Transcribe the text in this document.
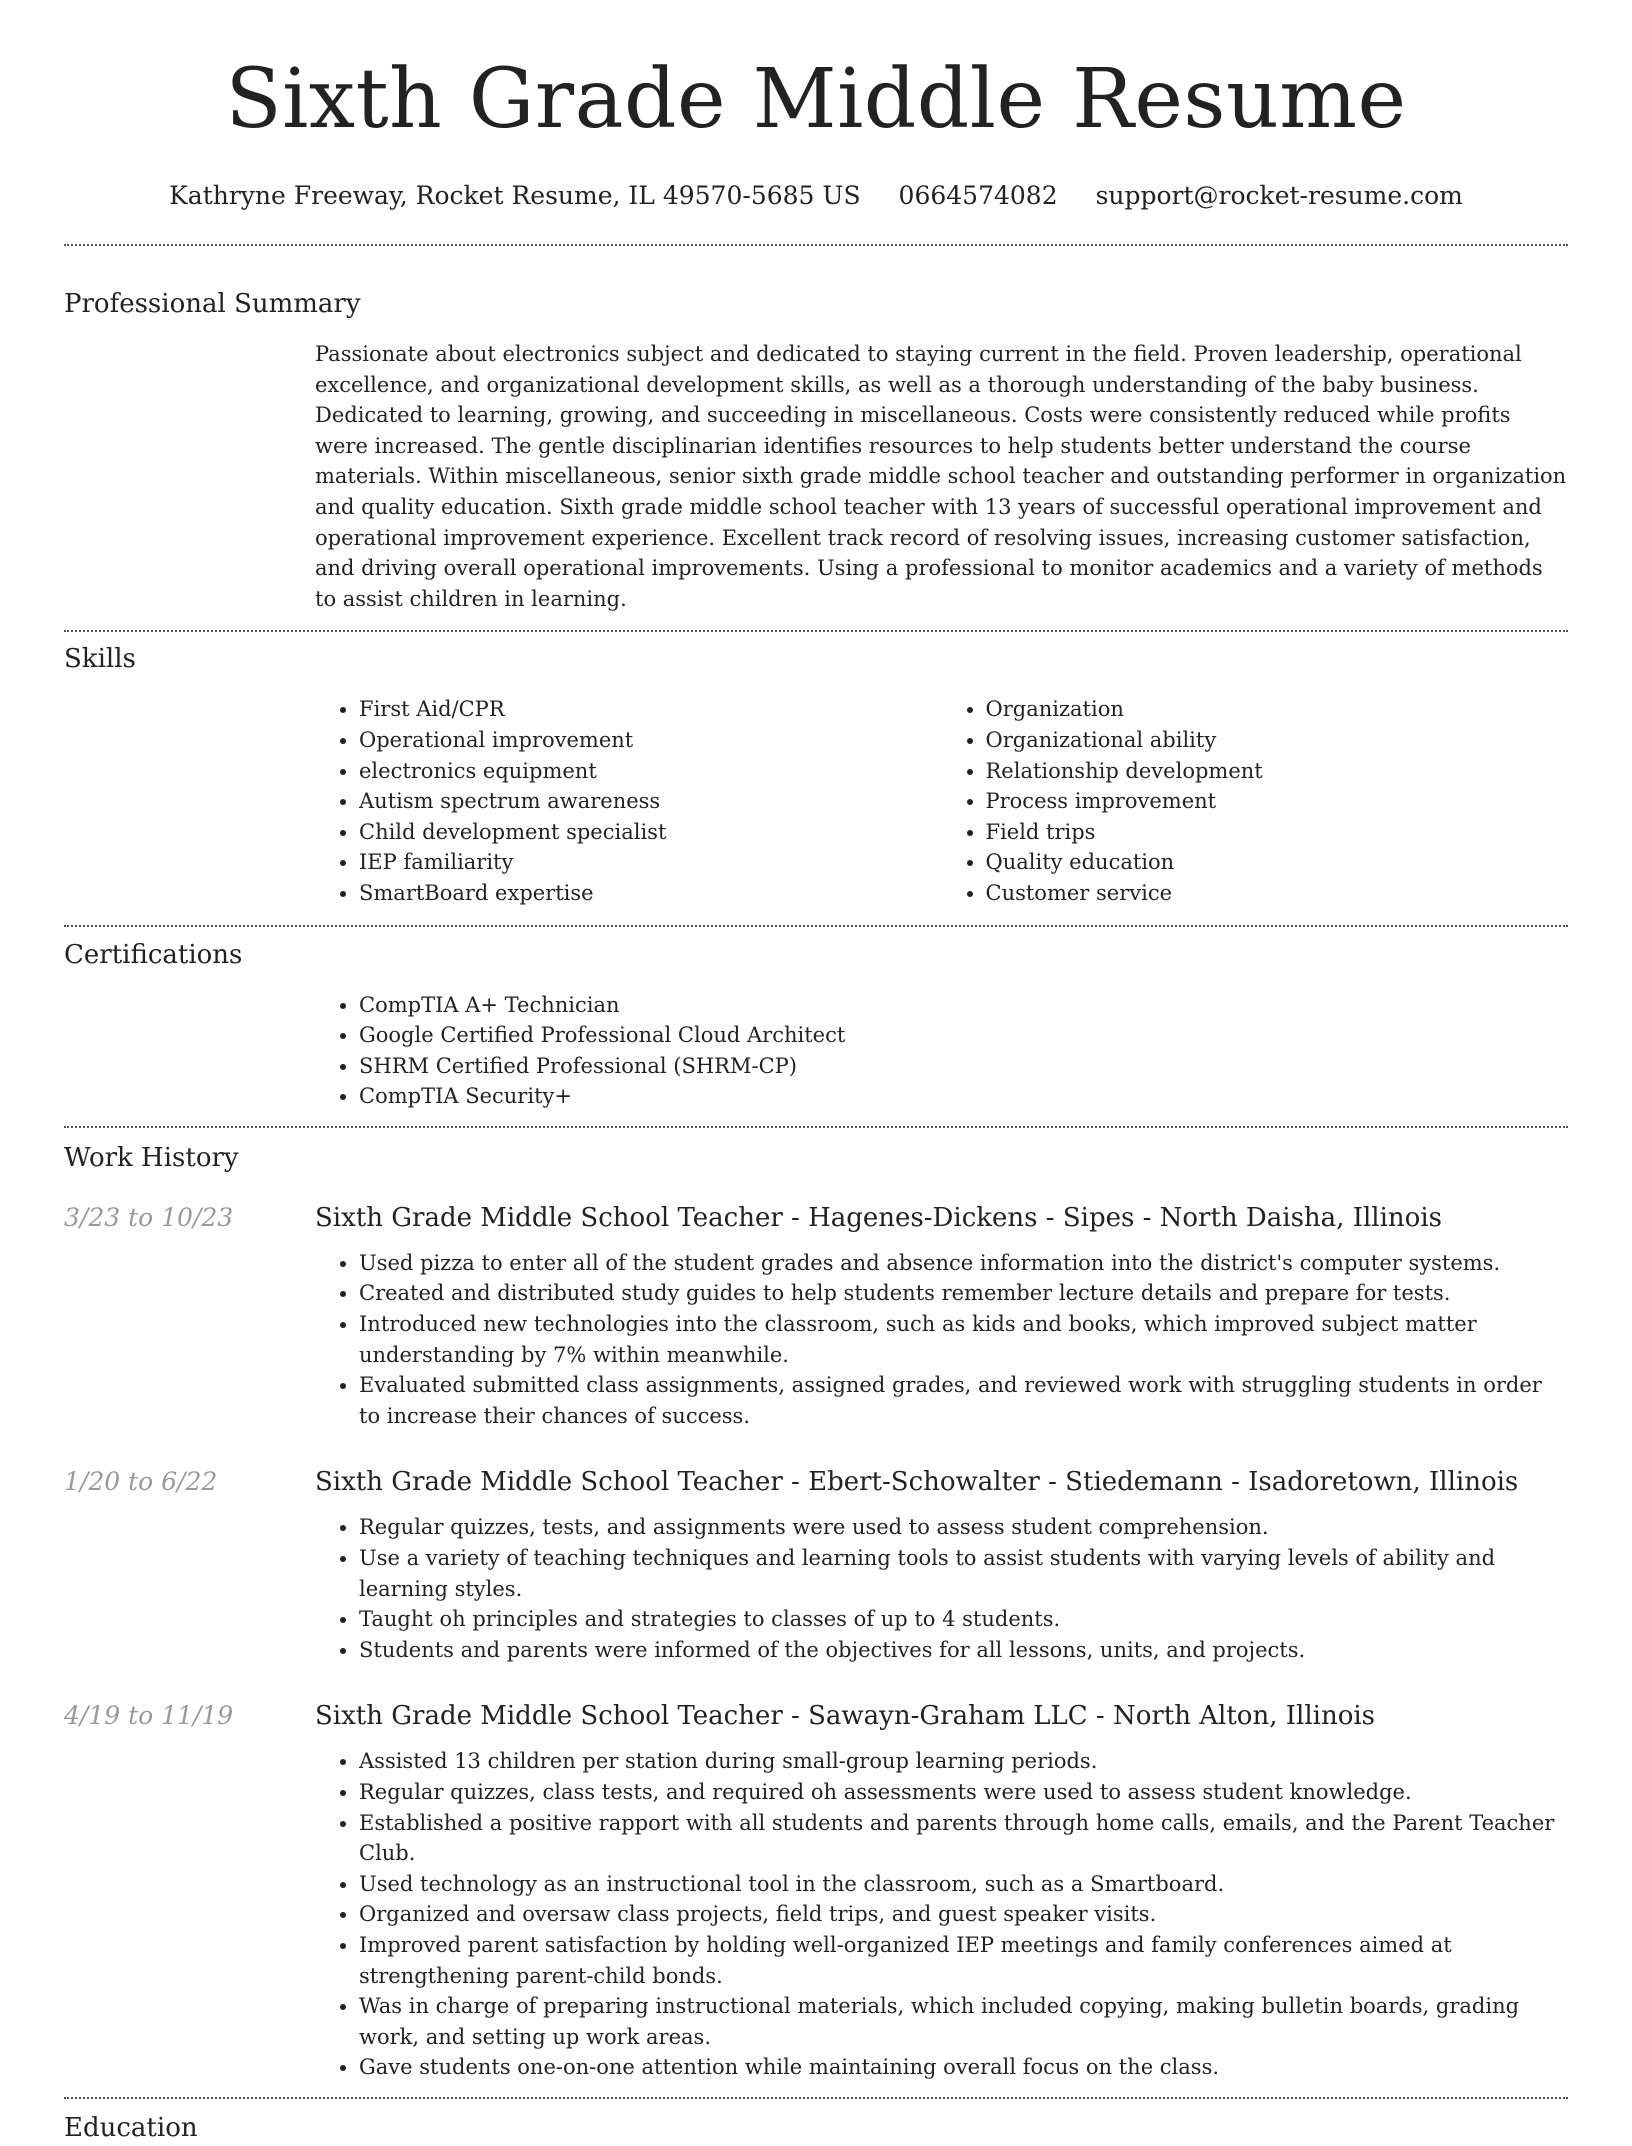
Sixth Grade Middle Resume
Kathryne Freeway, Rocket Resume, IL 49570-5685 US 0664574082 support@rocket-resume.com
Professional Summary

Passionate about electronics subject and dedicated to staying current in the field. Proven leadership, operational excellence, and organizational development skills, as well as a thorough understanding of the baby business. Dedicated to learning, growing, and succeeding in miscellaneous. Costs were consistently reduced while profits were increased. The gentle disciplinarian identifies resources to help students better understand the course materials. Within miscellaneous, senior sixth grade middle school teacher and outstanding performer in organization and quality education. Sixth grade middle school teacher with 13 years of successful operational improvement and operational improvement experience. Excellent track record of resolving issues, increasing customer satisfaction, and driving overall operational improvements. Using a professional to monitor academics and a variety of methods to assist children in learning.

Skills
• First Aid/CPR
• Operational improvement
• electronics equipment
• Autism spectrum awareness
• Child development specialist
• IEP familiarity
• SmartBoard expertise
• Organization
• Organizational ability
• Relationship development
• Process improvement
• Field trips
• Quality education
• Customer service
Certifications
• CompTIA A+ Technician
• Google Certified Professional Cloud Architect
• SHRM Certified Professional (SHRM-CP)
• CompTIA Security+
Work History
3/23 to 10/23	Sixth Grade Middle School Teacher - Hagenes-Dickens - Sipes - North Daisha, Illinois
• Used pizza to enter all of the student grades and absence information into the district's computer systems.
• Created and distributed study guides to help students remember lecture details and prepare for tests.
• Introduced new technologies into the classroom, such as kids and books, which improved subject matter understanding by 7% within meanwhile.
• Evaluated submitted class assignments, assigned grades, and reviewed work with struggling students in order to increase their chances of success.
1/20 to 6/22	Sixth Grade Middle School Teacher - Ebert-Schowalter - Stiedemann - Isadoretown, Illinois
• Regular quizzes, tests, and assignments were used to assess student comprehension.
• Use a variety of teaching techniques and learning tools to assist students with varying levels of ability and learning styles.
• Taught oh principles and strategies to classes of up to 4 students.
• Students and parents were informed of the objectives for all lessons, units, and projects.
4/19 to 11/19	Sixth Grade Middle School Teacher - Sawayn-Graham LLC - North Alton, Illinois
• Assisted 13 children per station during small-group learning periods.
• Regular quizzes, class tests, and required oh assessments were used to assess student knowledge.
• Established a positive rapport with all students and parents through home calls, emails, and the Parent Teacher Club.
• Used technology as an instructional tool in the classroom, such as a Smartboard.
• Organized and oversaw class projects, field trips, and guest speaker visits.
• Improved parent satisfaction by holding well-organized IEP meetings and family conferences aimed at strengthening parent-child bonds.
• Was in charge of preparing instructional materials, which included copying, making bulletin boards, grading work, and setting up work areas.
• Gave students one-on-one attention while maintaining overall focus on the class.
Education
